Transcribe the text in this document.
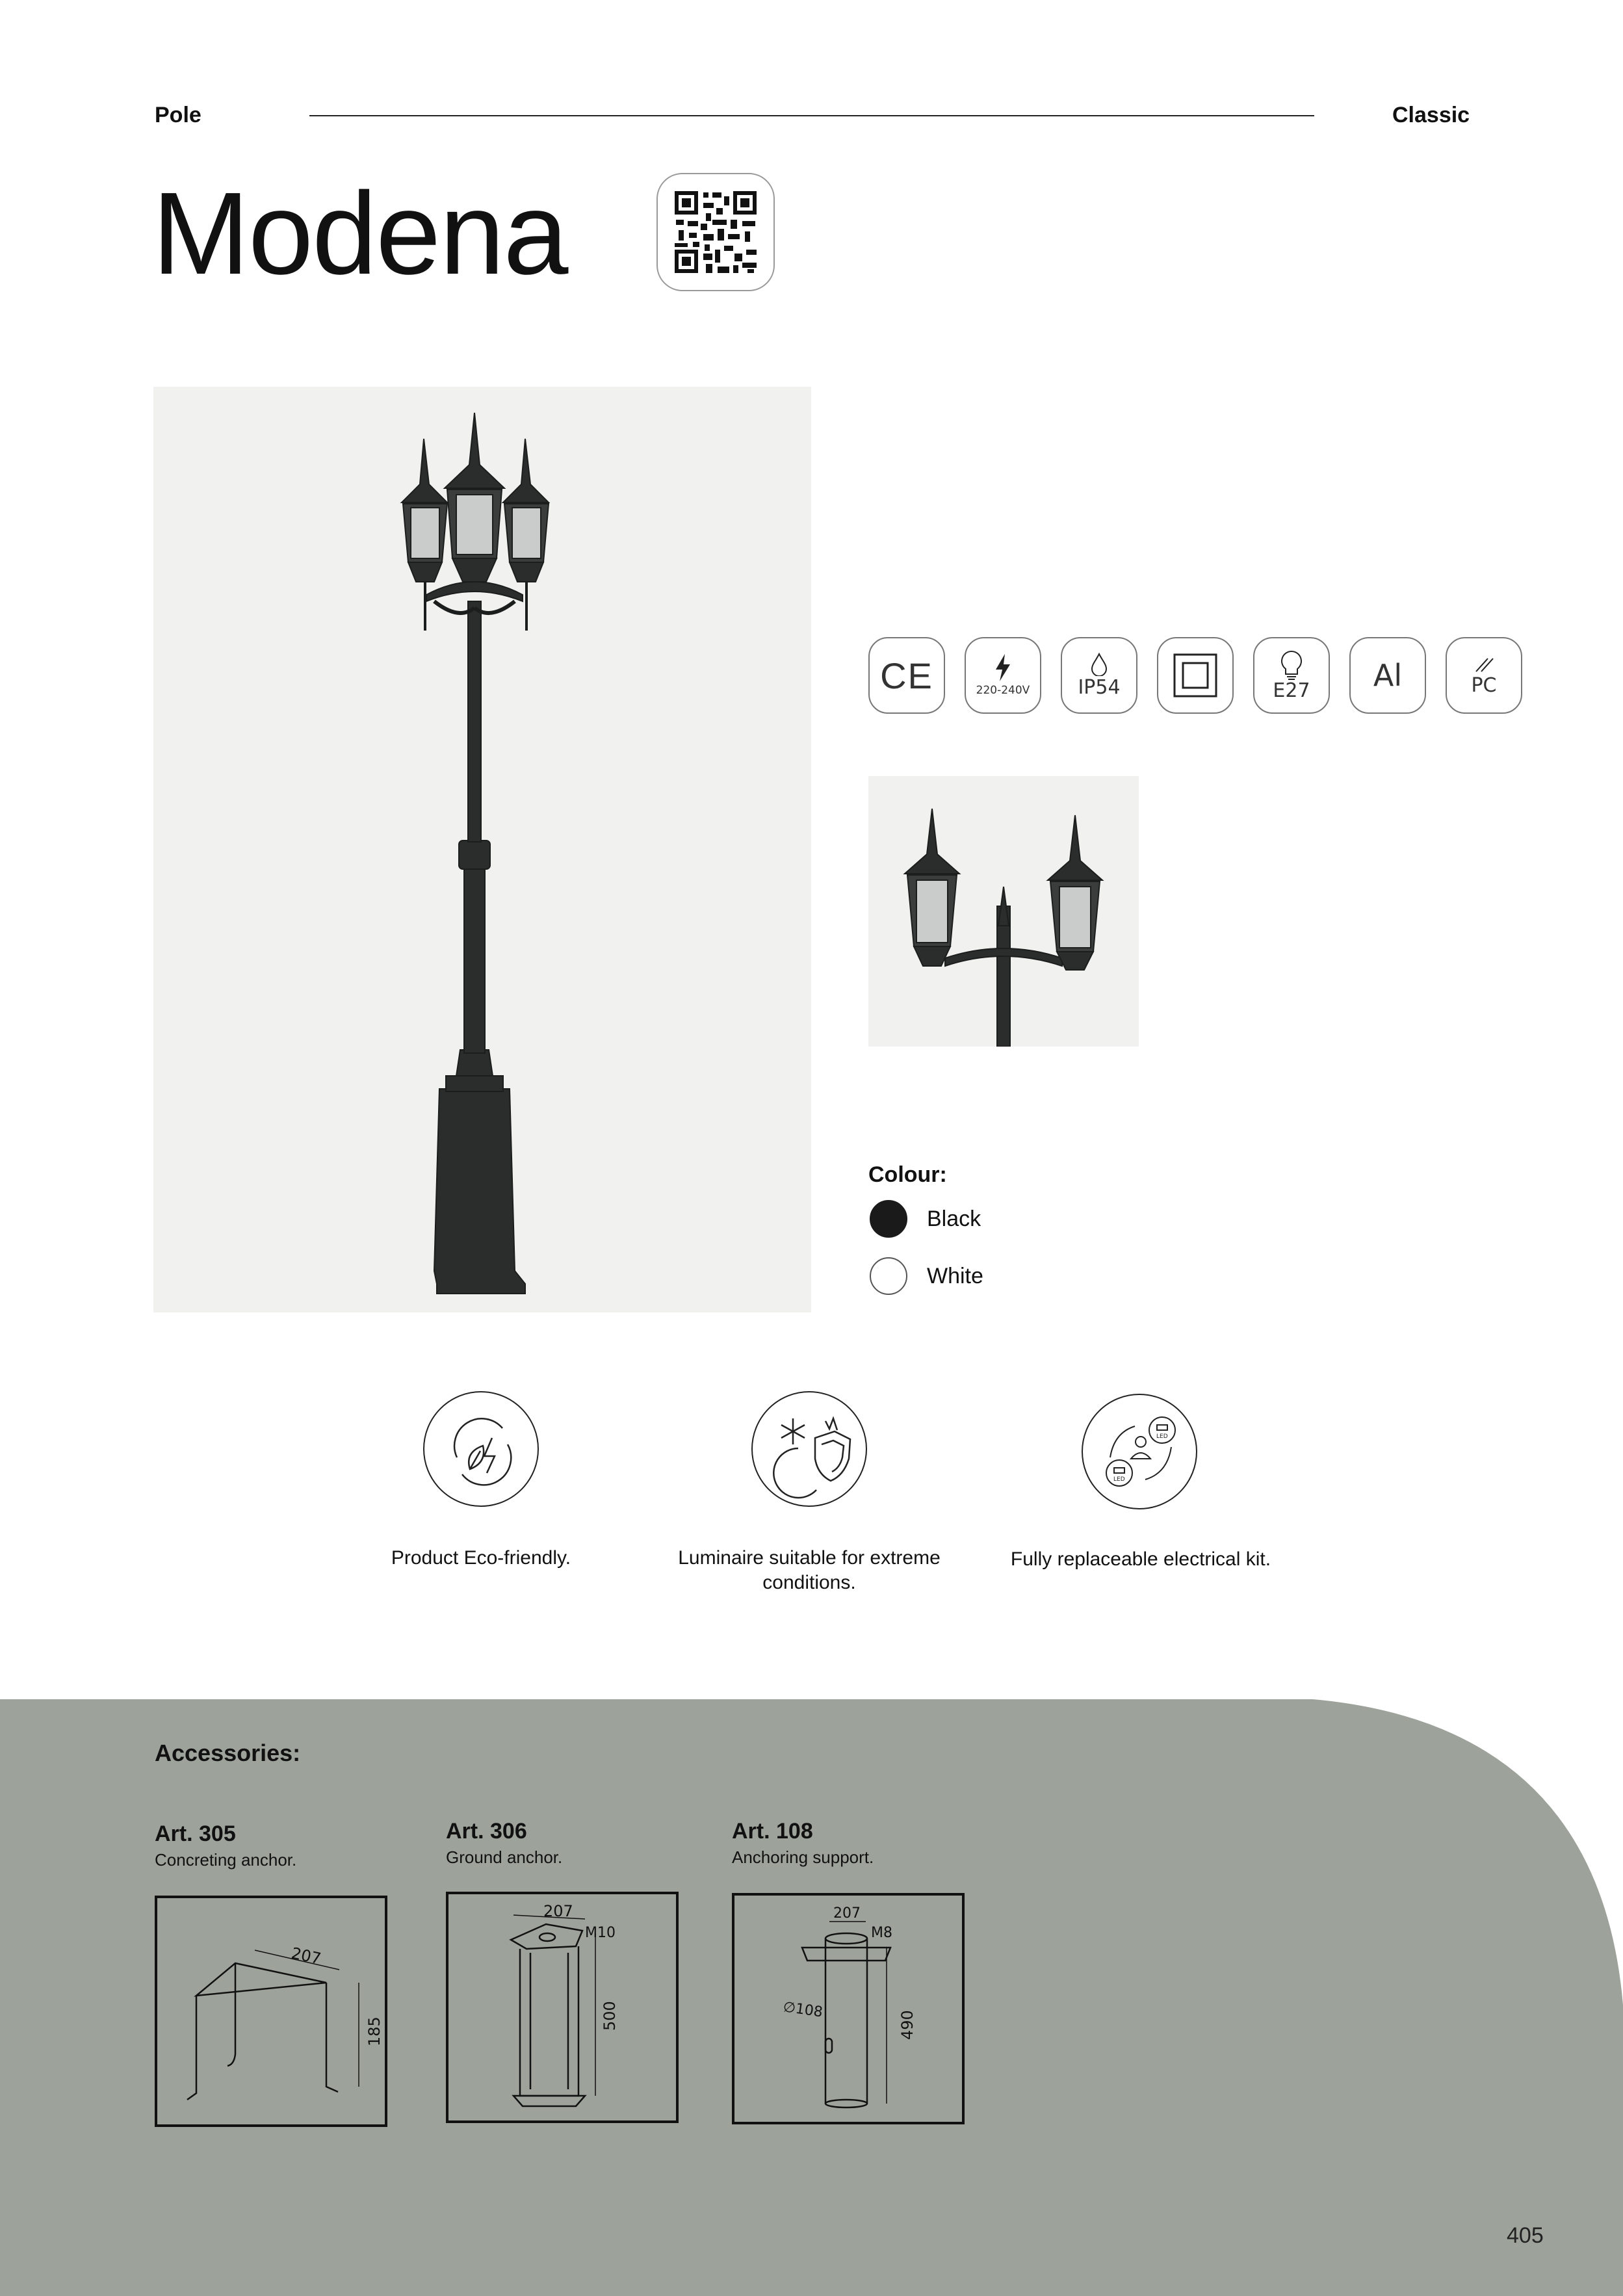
Pole	Classic
Modena
CE	220-240V IP54	E27 Al	PC
Colour:
Black
White
Product Eco-friendly.	Luminaire suitable for extreme conditions.
LED
LED
Fully replaceable electrical kit.
Accessories:
Art. 305
Concreting anchor.
207
185
Art. 306
Ground anchor.
207
M10
500
Art. 108
Anchoring support.
207
M8
∅108
490
405
